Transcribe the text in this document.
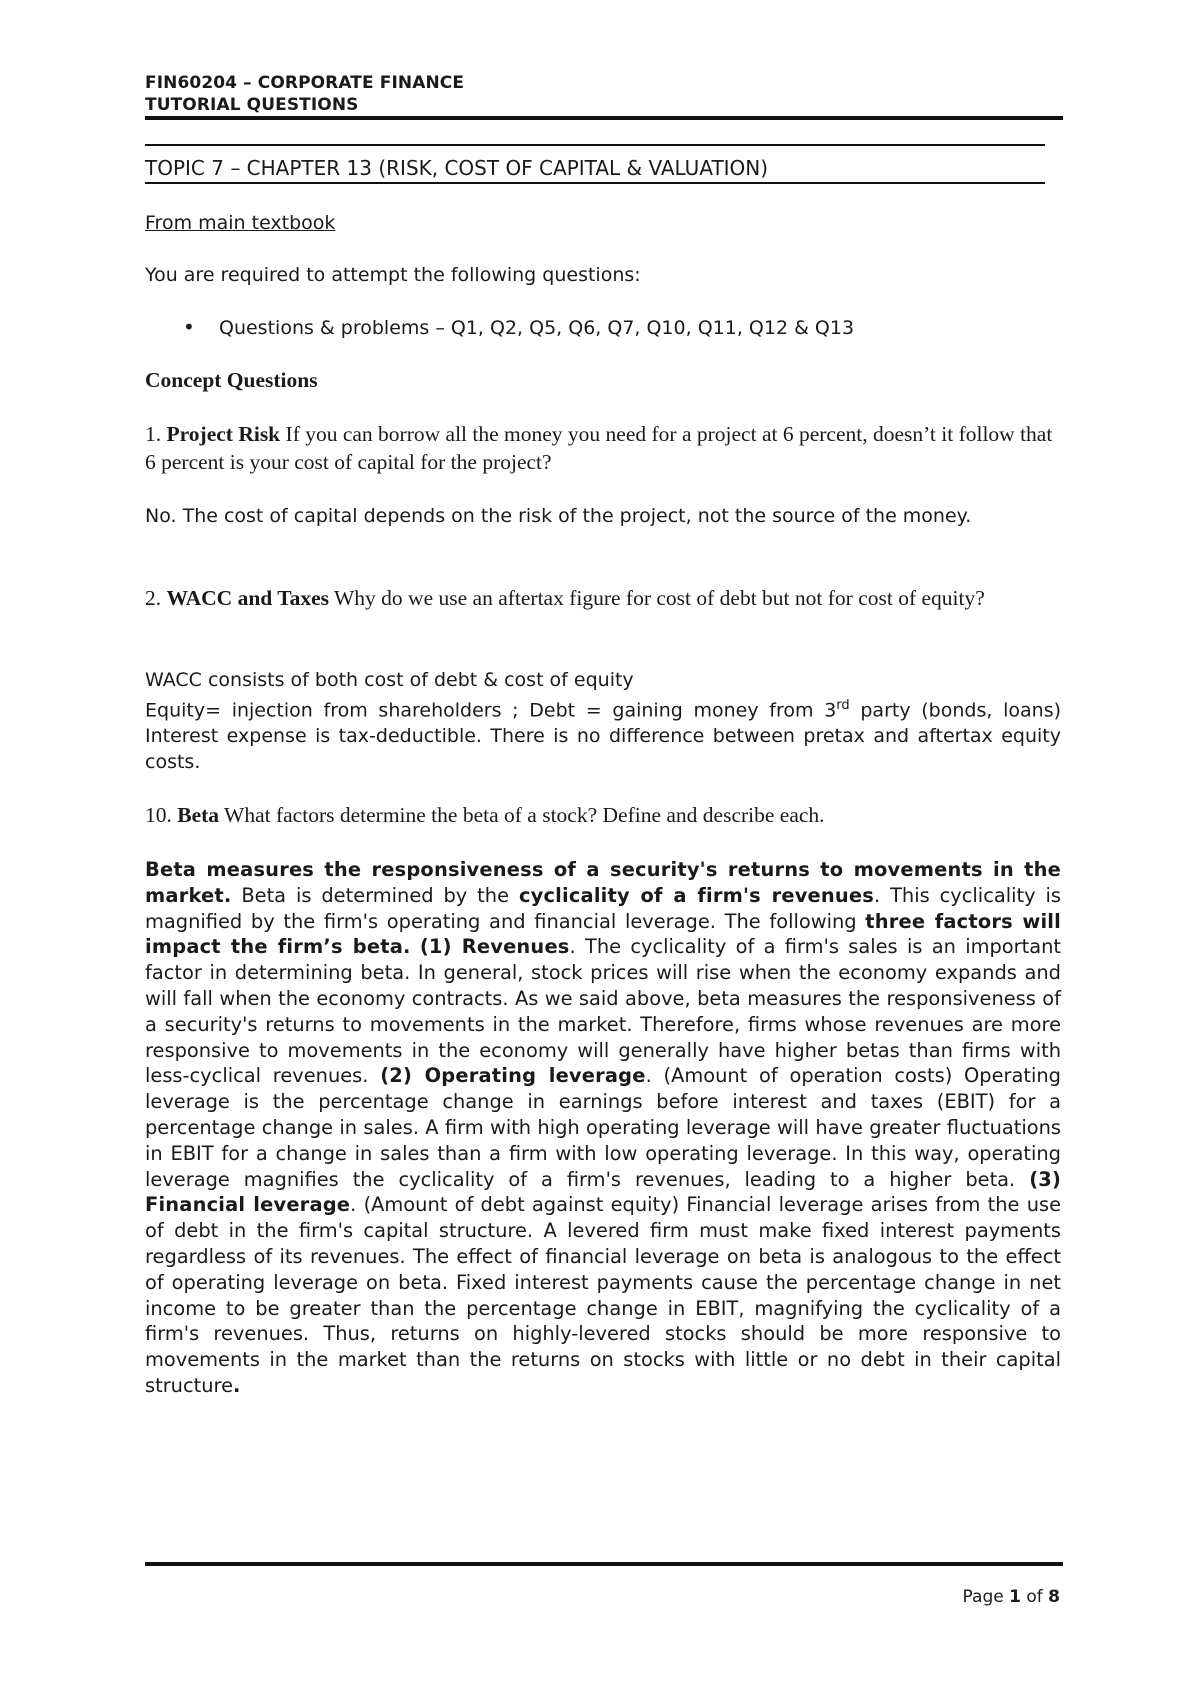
FIN60204 – CORPORATE FINANCE
TUTORIAL QUESTIONS
TOPIC 7 – CHAPTER 13 (RISK, COST OF CAPITAL & VALUATION)
From main textbook
You are required to attempt the following questions:
• Questions & problems – Q1, Q2, Q5, Q6, Q7, Q10, Q11, Q12 & Q13
Concept Questions
1. Project Risk If you can borrow all the money you need for a project at 6 percent, doesn’t it follow that 6 percent is your cost of capital for the project?
No. The cost of capital depends on the risk of the project, not the source of the money.
2. WACC and Taxes Why do we use an aftertax figure for cost of debt but not for cost of equity?
WACC consists of both cost of debt & cost of equity
Equity= injection from shareholders ; Debt = gaining money from 3rd party (bonds, loans) Interest expense is tax-deductible. There is no difference between pretax and aftertax equity costs.
10. Beta What factors determine the beta of a stock? Define and describe each.
Beta measures the responsiveness of a security's returns to movements in the market. Beta is determined by the cyclicality of a firm's revenues. This cyclicality is magnified by the firm's operating and financial leverage. The following three factors will impact the firm’s beta. (1) Revenues. The cyclicality of a firm's sales is an important factor in determining beta. In general, stock prices will rise when the economy expands and will fall when the economy contracts. As we said above, beta measures the responsiveness of a security's returns to movements in the market. Therefore, firms whose revenues are more responsive to movements in the economy will generally have higher betas than firms with less-cyclical revenues. (2) Operating leverage. (Amount of operation costs) Operating leverage is the percentage change in earnings before interest and taxes (EBIT) for a percentage change in sales. A firm with high operating leverage will have greater fluctuations in EBIT for a change in sales than a firm with low operating leverage. In this way, operating leverage magnifies the cyclicality of a firm's revenues, leading to a higher beta. (3) Financial leverage. (Amount of debt against equity) Financial leverage arises from the use of debt in the firm's capital structure. A levered firm must make fixed interest payments regardless of its revenues. The effect of financial leverage on beta is analogous to the effect of operating leverage on beta. Fixed interest payments cause the percentage change in net income to be greater than the percentage change in EBIT, magnifying the cyclicality of a firm's revenues. Thus, returns on highly-levered stocks should be more responsive to movements in the market than the returns on stocks with little or no debt in their capital structure.
Page 1 of 8
